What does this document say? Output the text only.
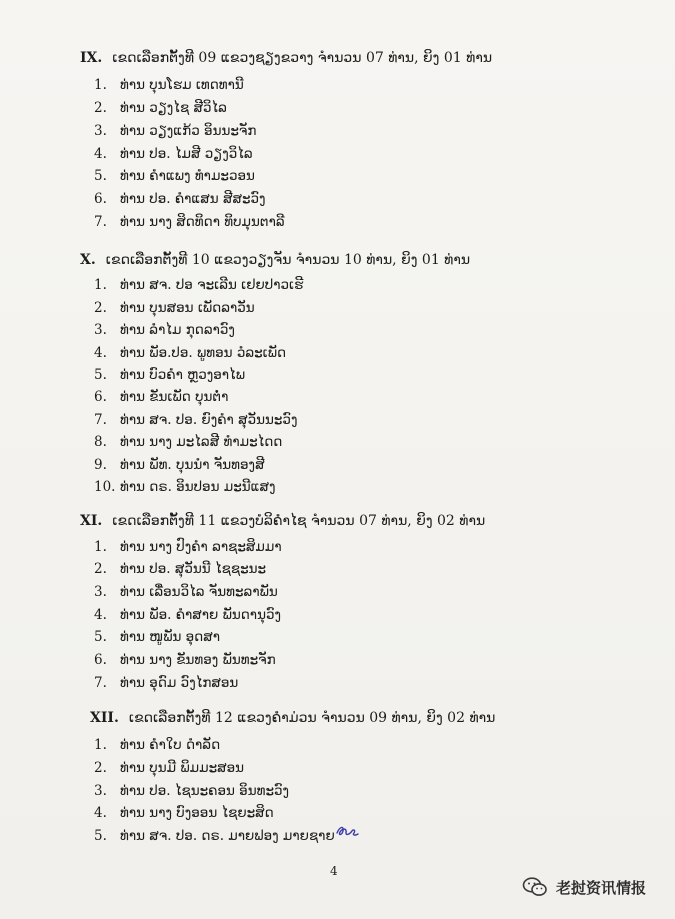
IX. ເຂດເລືອກຕັ້ງທີ 09 ແຂວງຊຽງຂວາງ ຈຳນວນ 07 ທ່ານ, ຍິງ 01 ທ່ານ
1. ທ່ານ ບຸນໂຮມ ເທດທານີ
2. ທ່ານ ວຽງໄຊ ສີວິໄລ
3. ທ່ານ ວຽງແກ້ວ ອິນນະຈັກ
4. ທ່ານ ປອ. ໄມສີ ວຽງວິໄລ
5. ທ່ານ ຄຳແພງ ທຳມະວອນ
6. ທ່ານ ປອ. ຄຳແສນ ສີສະວົງ
7. ທ່ານ ນາງ ສິດທິດາ ທິບມຸນຕາລີ
X. ເຂດເລືອກຕັ້ງທີ 10 ແຂວງວຽງຈັນ ຈຳນວນ 10 ທ່ານ, ຍິງ 01 ທ່ານ
1. ທ່ານ ສຈ. ປອ ຈະເລີນ ເຢຍປາວເຮີ
2. ທ່ານ ບຸນສອນ ເພັດລາວັນ
3. ທ່ານ ລຳໄມ ກຸດລາວົງ
4. ທ່ານ ພັອ.ປອ. ພູທອນ ວໍລະເພັດ
5. ທ່ານ ບົວຄຳ ຫຼວງອາໄພ
6. ທ່ານ ຂັນເພັດ ບຸນຕໍ່າ
7. ທ່ານ ສຈ. ປອ. ຍົງຄຳ ສຸວັນນະວົງ
8. ທ່ານ ນາງ ມະໄລສີ ທຳມະໄດດ
9. ທ່ານ ພັທ. ບຸນນຳ ຈັນທອງສີ
10. ທ່ານ ດຣ. ອິນປອນ ມະນີແສງ
XI. ເຂດເລືອກຕັ້ງທີ 11 ແຂວງບໍລິຄຳໄຊ ຈຳນວນ 07 ທ່ານ, ຍິງ 02 ທ່ານ
1. ທ່ານ ນາງ ປົງຄຳ ລາຊະສິມມາ
2. ທ່ານ ປອ. ສຸວັນນີ ໄຊຊະນະ
3. ທ່ານ ເລື່ອນວິໄລ ຈັນທະລາພັນ
4. ທ່ານ ພັອ. ຄຳສາຍ ພັນດານຸວົງ
5. ທ່ານ ໜູພັນ ອຸດສາ
6. ທ່ານ ນາງ ຂັນທອງ ພັນທະຈັກ
7. ທ່ານ ອຸດົມ ວົງໄກສອນ
XII. ເຂດເລືອກຕັ້ງທີ 12 ແຂວງຄຳມ່ວນ ຈຳນວນ 09 ທ່ານ, ຍິງ 02 ທ່ານ
1. ທ່ານ ຄຳໃບ ດຳລັດ
2. ທ່ານ ບຸນມີ ພິມມະສອນ
3. ທ່ານ ປອ. ໄຊນະຄອນ ອິນທະວົງ
4. ທ່ານ ນາງ ບົງອອນ ໄຊຍະສິດ
5. ທ່ານ ສຈ. ປອ. ດຣ. ມາຍຟອງ ມາຍຊາຍ
4
老挝资讯情报
